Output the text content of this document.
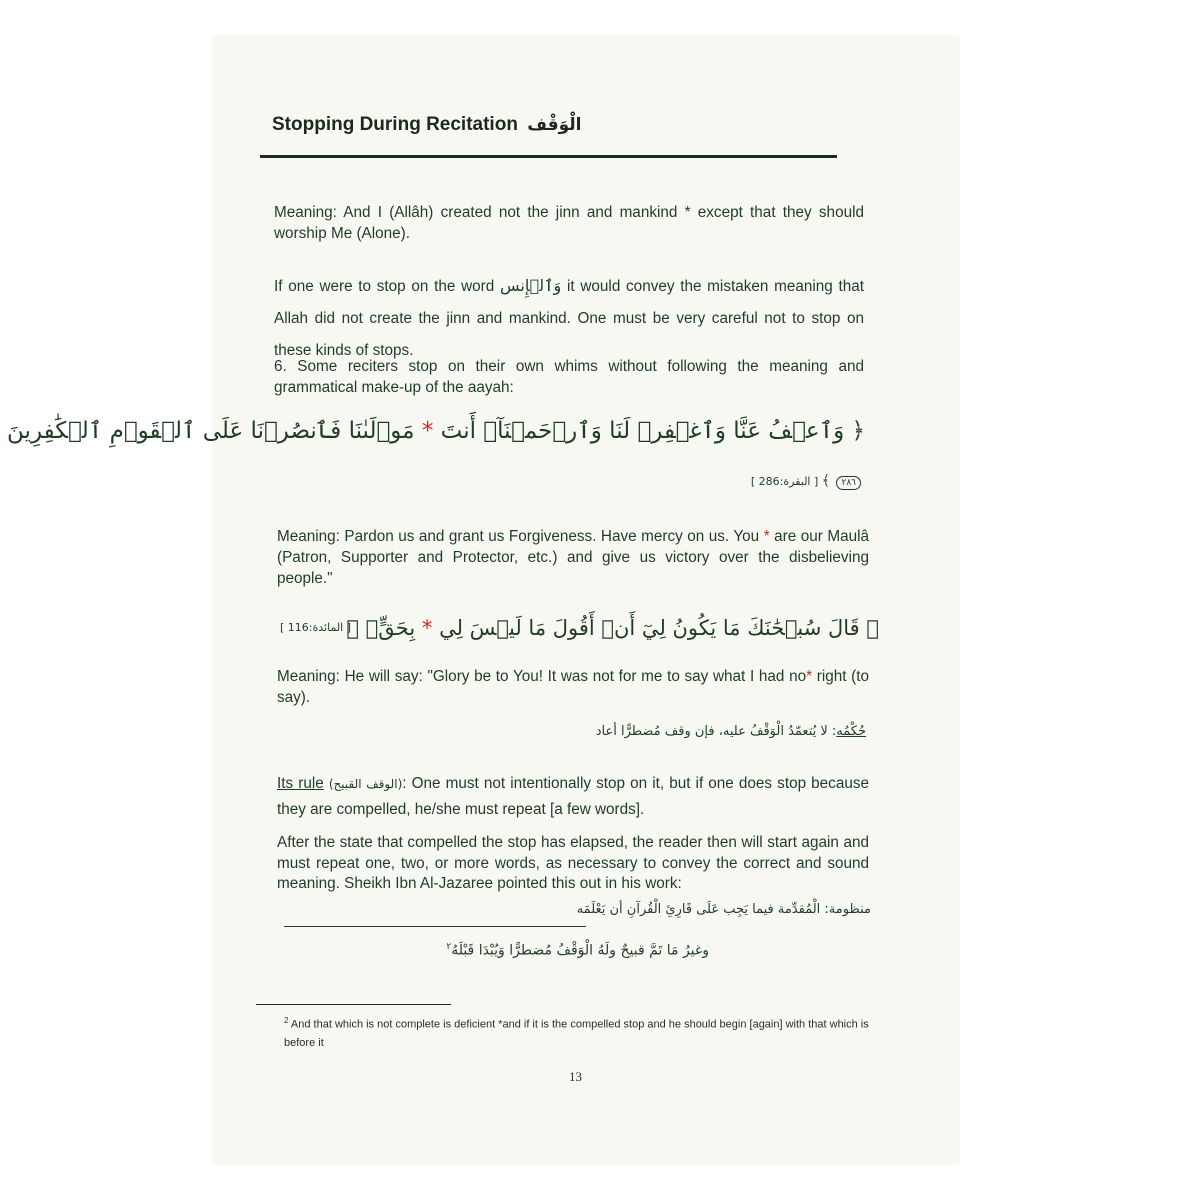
Stopping During Recitation الْوَقْف
Meaning: And I (Allâh) created not the jinn and mankind * except that they should worship Me (Alone).
If one were to stop on the word وَٱلۡإِنس it would convey the mistaken meaning that Allah did not create the jinn and mankind. One must be very careful not to stop on these kinds of stops.
6. Some reciters stop on their own whims without following the meaning and grammatical make-up of the aayah:
﴿ وَٱعۡفُ عَنَّا وَٱغۡفِرۡ لَنَا وَٱرۡحَمۡنَآۚ أَنتَ * مَوۡلَىٰنَا فَٱنصُرۡنَا عَلَى ٱلۡقَوۡمِ ٱلۡكَٰفِرِينَ
٢٨٦ ﴾ [ البقرة:286 ]
Meaning: Pardon us and grant us Forgiveness. Have mercy on us. You * are our Maulâ (Patron, Supporter and Protector, etc.) and give us victory over the disbelieving people."
﴿ قَالَ سُبۡحَٰنَكَ مَا يَكُونُ لِيٓ أَنۡ أَقُولَ مَا لَيۡسَ لِي * بِحَقٍّۚ ﴾
[ المائدة:116 ]
Meaning: He will say: "Glory be to You! It was not for me to say what I had no* right (to say).
حُكْمُه: لا يُتعمّدُ الْوَقْفُ عليه، فإن وقف مُضطرًّا أعاد
Its rule (الوقف القبيح): One must not intentionally stop on it, but if one does stop because they are compelled, he/she must repeat [a few words].
After the state that compelled the stop has elapsed, the reader then will start again and must repeat one, two, or more words, as necessary to convey the correct and sound meaning. Sheikh Ibn Al-Jazaree pointed this out in his work:
منظومة: الْمُقدِّمة فيما يَجِب عَلَى قَارِئِ الْقُرآنِ أن يَعْلَمَه
وغيرُ مَا تَمَّ قبيحٌ ولَهُ الْوَقْفُ مُضطرًّا وَيُبْدَا قَبْلَهُ$^٢$
$^2$ And that which is not complete is deficient *and if it is the compelled stop and he should begin [again] with that which is before it
13
